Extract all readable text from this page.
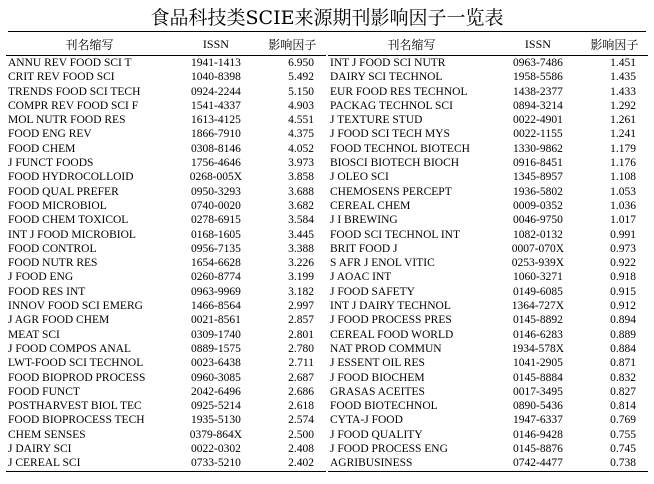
食品科技类SCIE来源期刊影响因子一览表
刊名缩写	ISSN	影响因子
ANNU REV FOOD SCI T	1941-1413	6.950
CRIT REV FOOD SCI	1040-8398	5.492
TRENDS FOOD SCI TECH	0924-2244	5.150
COMPR REV FOOD SCI F	1541-4337	4.903
MOL NUTR FOOD RES	1613-4125	4.551
FOOD ENG REV	1866-7910	4.375
FOOD CHEM	0308-8146	4.052
J FUNCT FOODS	1756-4646	3.973
FOOD HYDROCOLLOID	0268-005X	3.858
FOOD QUAL PREFER	0950-3293	3.688
FOOD MICROBIOL	0740-0020	3.682
FOOD CHEM TOXICOL	0278-6915	3.584
INT J FOOD MICROBIOL	0168-1605	3.445
FOOD CONTROL	0956-7135	3.388
FOOD NUTR RES	1654-6628	3.226
J FOOD ENG	0260-8774	3.199
FOOD RES INT	0963-9969	3.182
INNOV FOOD SCI EMERG	1466-8564	2.997
J AGR FOOD CHEM	0021-8561	2.857
MEAT SCI	0309-1740	2.801
J FOOD COMPOS ANAL	0889-1575	2.780
LWT-FOOD SCI TECHNOL	0023-6438	2.711
FOOD BIOPROD PROCESS	0960-3085	2.687
FOOD FUNCT	2042-6496	2.686
POSTHARVEST BIOL TEC	0925-5214	2.618
FOOD BIOPROCESS TECH	1935-5130	2.574
CHEM SENSES	0379-864X	2.500
J DAIRY SCI	0022-0302	2.408
J CEREAL SCI	0733-5210	2.402
刊名缩写	ISSN	影响因子
INT J FOOD SCI NUTR	0963-7486	1.451
DAIRY SCI TECHNOL	1958-5586	1.435
EUR FOOD RES TECHNOL	1438-2377	1.433
PACKAG TECHNOL SCI	0894-3214	1.292
J TEXTURE STUD	0022-4901	1.261
J FOOD SCI TECH MYS	0022-1155	1.241
FOOD TECHNOL BIOTECH	1330-9862	1.179
BIOSCI BIOTECH BIOCH	0916-8451	1.176
J OLEO SCI	1345-8957	1.108
CHEMOSENS PERCEPT	1936-5802	1.053
CEREAL CHEM	0009-0352	1.036
J I BREWING	0046-9750	1.017
FOOD SCI TECHNOL INT	1082-0132	0.991
BRIT FOOD J	0007-070X	0.973
S AFR J ENOL VITIC	0253-939X	0.922
J AOAC INT	1060-3271	0.918
J FOOD SAFETY	0149-6085	0.915
INT J DAIRY TECHNOL	1364-727X	0.912
J FOOD PROCESS PRES	0145-8892	0.894
CEREAL FOOD WORLD	0146-6283	0.889
NAT PROD COMMUN	1934-578X	0.884
J ESSENT OIL RES	1041-2905	0.871
J FOOD BIOCHEM	0145-8884	0.832
GRASAS ACEITES	0017-3495	0.827
FOOD BIOTECHNOL	0890-5436	0.814
CYTA-J FOOD	1947-6337	0.769
J FOOD QUALITY	0146-9428	0.755
J FOOD PROCESS ENG	0145-8876	0.745
AGRIBUSINESS	0742-4477	0.738
